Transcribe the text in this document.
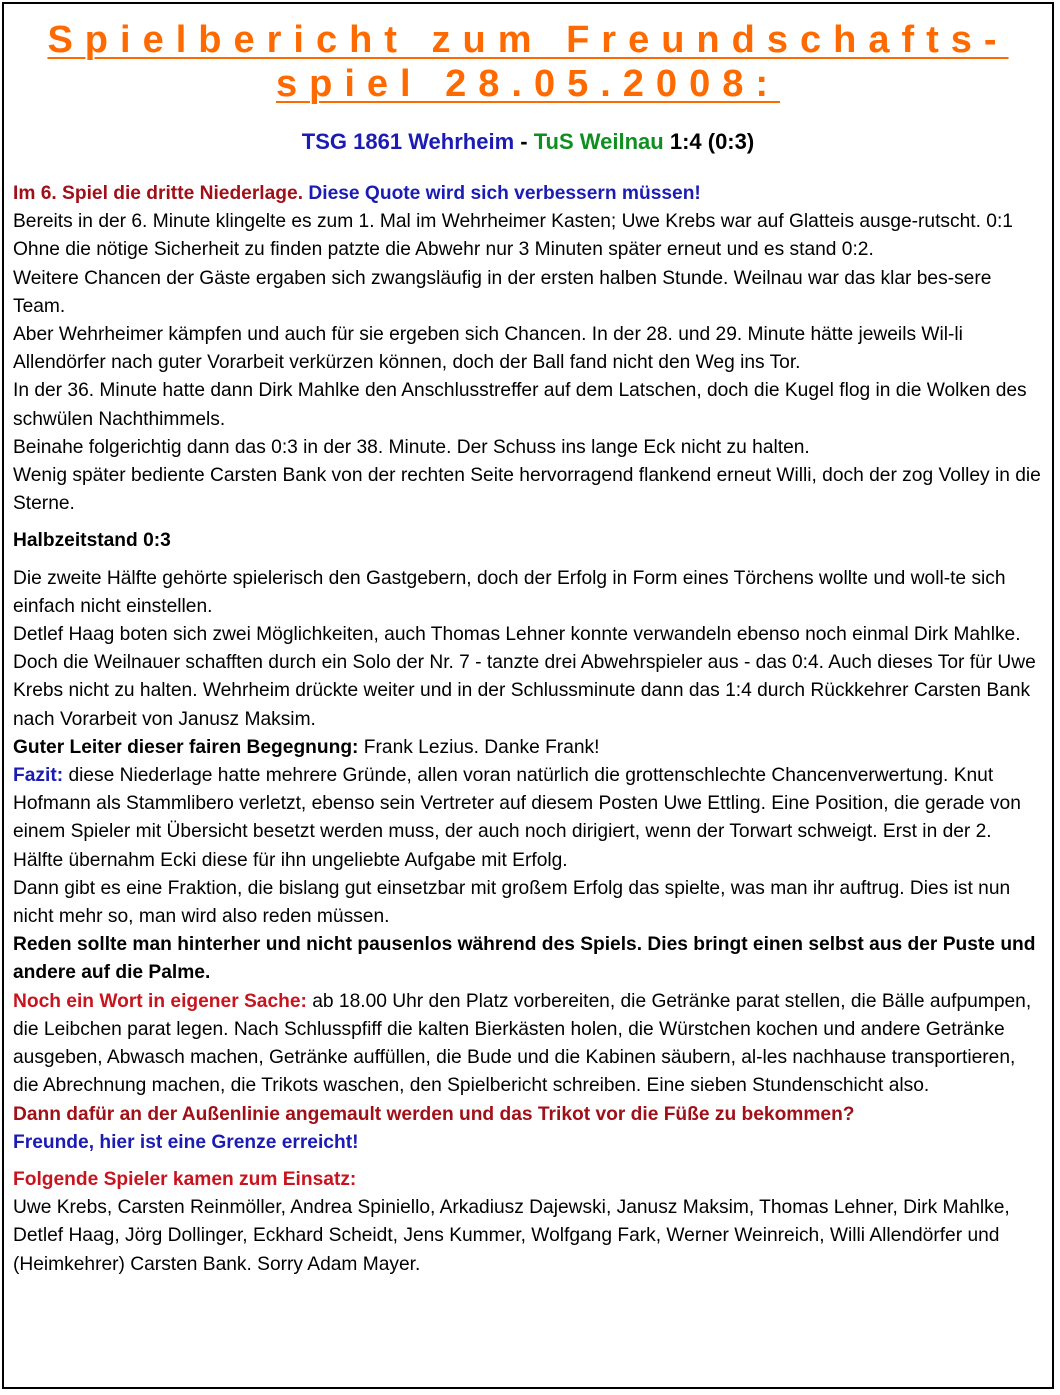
Spielbericht zum Freundschafts-
spiel 28.05.2008:
TSG 1861 Wehrheim - TuS Weilnau 1:4 (0:3)

Im 6. Spiel die dritte Niederlage. Diese Quote wird sich verbessern müssen!

Bereits in der 6. Minute klingelte es zum 1. Mal im Wehrheimer Kasten; Uwe Krebs war auf Glatteis ausge-rutscht. 0:1

Ohne die nötige Sicherheit zu finden patzte die Abwehr nur 3 Minuten später erneut und es stand 0:2.

Weitere Chancen der Gäste ergaben sich zwangsläufig in der ersten halben Stunde. Weilnau war das klar bes-sere Team.

Aber Wehrheimer kämpfen und auch für sie ergeben sich Chancen. In der 28. und 29. Minute hätte jeweils Wil-li Allendörfer nach guter Vorarbeit verkürzen können, doch der Ball fand nicht den Weg ins Tor.

In der 36. Minute hatte dann Dirk Mahlke den Anschlusstreffer auf dem Latschen, doch die Kugel flog in die Wolken des schwülen Nachthimmels.

Beinahe folgerichtig dann das 0:3 in der 38. Minute. Der Schuss ins lange Eck nicht zu halten.

Wenig später bediente Carsten Bank von der rechten Seite hervorragend flankend erneut Willi, doch der zog Volley in die Sterne.

Halbzeitstand 0:3

Die zweite Hälfte gehörte spielerisch den Gastgebern, doch der Erfolg in Form eines Törchens wollte und woll-te sich einfach nicht einstellen.

Detlef Haag boten sich zwei Möglichkeiten, auch Thomas Lehner konnte verwandeln ebenso noch einmal Dirk Mahlke.

Doch die Weilnauer schafften durch ein Solo der Nr. 7 - tanzte drei Abwehrspieler aus - das 0:4. Auch dieses Tor für Uwe Krebs nicht zu halten. Wehrheim drückte weiter und in der Schlussminute dann das 1:4 durch Rückkehrer Carsten Bank nach Vorarbeit von Janusz Maksim.

Guter Leiter dieser fairen Begegnung: Frank Lezius. Danke Frank!

Fazit: diese Niederlage hatte mehrere Gründe, allen voran natürlich die grottenschlechte Chancenverwertung. Knut Hofmann als Stammlibero verletzt, ebenso sein Vertreter auf diesem Posten Uwe Ettling. Eine Position, die gerade von einem Spieler mit Übersicht besetzt werden muss, der auch noch dirigiert, wenn der Torwart schweigt. Erst in der 2. Hälfte übernahm Ecki diese für ihn ungeliebte Aufgabe mit Erfolg.

Dann gibt es eine Fraktion, die bislang gut einsetzbar mit großem Erfolg das spielte, was man ihr auftrug. Dies ist nun nicht mehr so, man wird also reden müssen.

Reden sollte man hinterher und nicht pausenlos während des Spiels. Dies bringt einen selbst aus der Puste und andere auf die Palme.

Noch ein Wort in eigener Sache: ab 18.00 Uhr den Platz vorbereiten, die Getränke parat stellen, die Bälle aufpumpen, die Leibchen parat legen. Nach Schlusspfiff die kalten Bierkästen holen, die Würstchen kochen und andere Getränke ausgeben, Abwasch machen, Getränke auffüllen, die Bude und die Kabinen säubern, al-les nachhause transportieren, die Abrechnung machen, die Trikots waschen, den Spielbericht schreiben. Eine sieben Stundenschicht also.

Dann dafür an der Außenlinie angemault werden und das Trikot vor die Füße zu bekommen?

Freunde, hier ist eine Grenze erreicht!

Folgende Spieler kamen zum Einsatz:

Uwe Krebs, Carsten Reinmöller, Andrea Spiniello, Arkadiusz Dajewski, Janusz Maksim, Thomas Lehner, Dirk Mahlke, Detlef Haag, Jörg Dollinger, Eckhard Scheidt, Jens Kummer, Wolfgang Fark, Werner Weinreich, Willi Allendörfer und (Heimkehrer) Carsten Bank. Sorry Adam Mayer.
